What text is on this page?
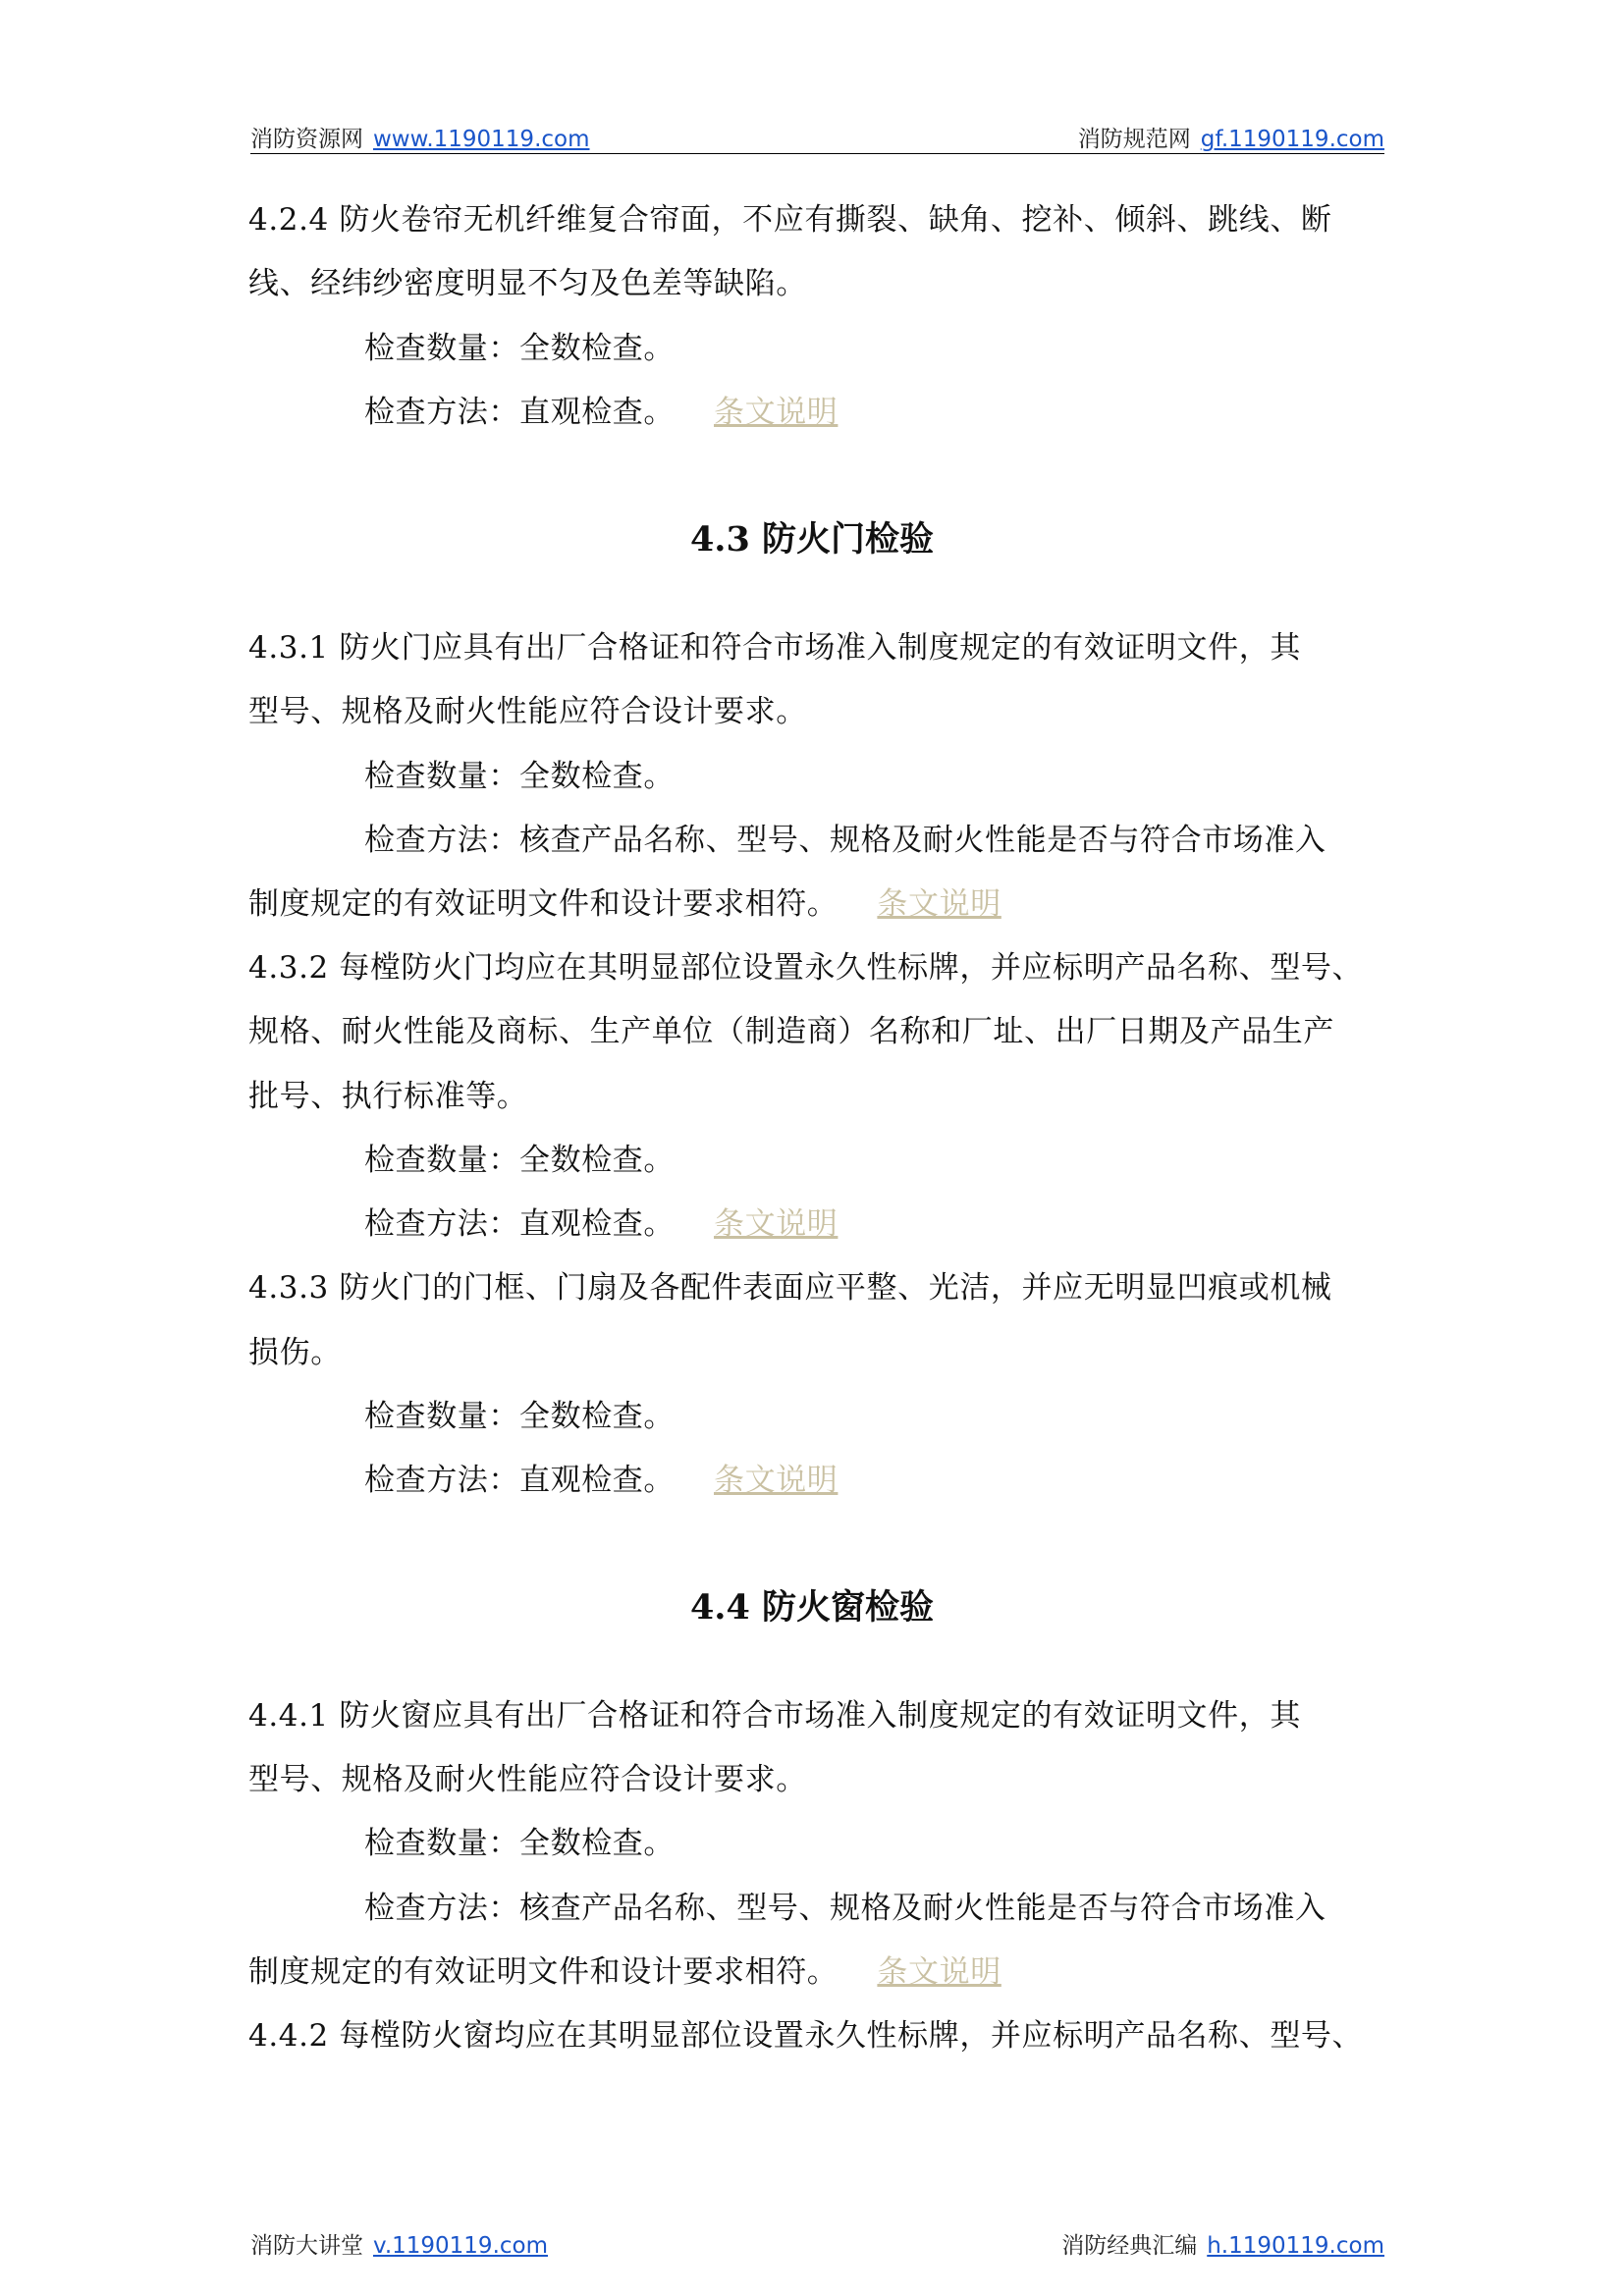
消防资源网 www.1190119.com	消防规范网 gf.1190119.com
4.2.4 防火卷帘无机纤维复合帘面，不应有撕裂、缺角、挖补、倾斜、跳线、断
线、经纬纱密度明显不匀及色差等缺陷。
检查数量：全数检查。
检查方法：直观检查。 条文说明
4.3 防火门检验
4.3.1 防火门应具有出厂合格证和符合市场准入制度规定的有效证明文件，其
型号、规格及耐火性能应符合设计要求。
检查数量：全数检查。
检查方法：核查产品名称、型号、规格及耐火性能是否与符合市场准入
制度规定的有效证明文件和设计要求相符。 条文说明
4.3.2 每樘防火门均应在其明显部位设置永久性标牌，并应标明产品名称、型号、
规格、耐火性能及商标、生产单位（制造商）名称和厂址、出厂日期及产品生产
批号、执行标准等。
检查数量：全数检查。
检查方法：直观检查。 条文说明
4.3.3 防火门的门框、门扇及各配件表面应平整、光洁，并应无明显凹痕或机械
损伤。
检查数量：全数检查。
检查方法：直观检查。 条文说明
4.4 防火窗检验
4.4.1 防火窗应具有出厂合格证和符合市场准入制度规定的有效证明文件，其
型号、规格及耐火性能应符合设计要求。
检查数量：全数检查。
检查方法：核查产品名称、型号、规格及耐火性能是否与符合市场准入
制度规定的有效证明文件和设计要求相符。 条文说明
4.4.2 每樘防火窗均应在其明显部位设置永久性标牌，并应标明产品名称、型号、
消防大讲堂 v.1190119.com	消防经典汇编 h.1190119.com
